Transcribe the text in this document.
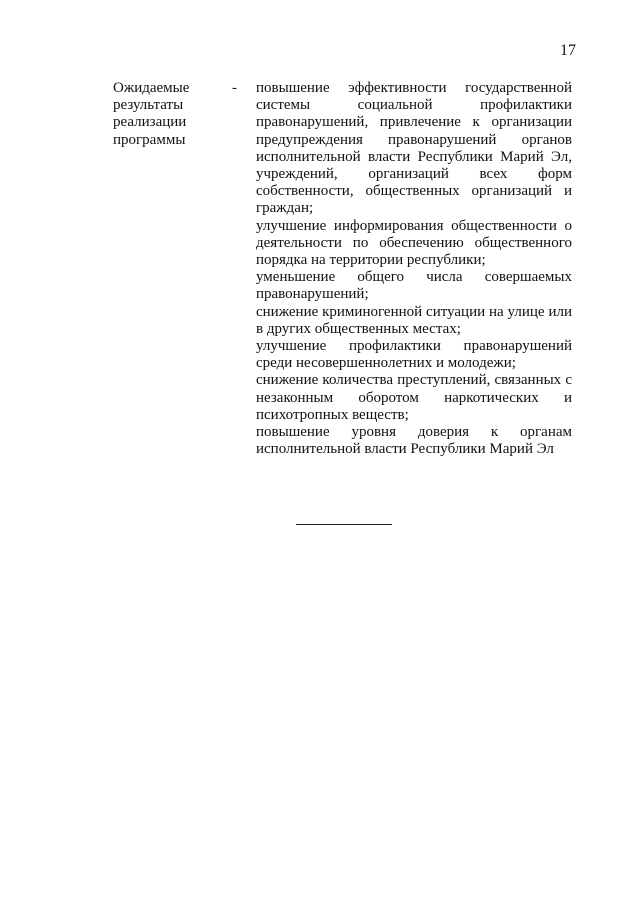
17
Ожидаемые
результаты
реализации
программы
- повышение эффективности государственной системы социальной профилактики правонарушений, привлечение к организации предупреждения правонарушений органов исполнительной власти Республики Марий Эл, учреждений, организаций всех форм собственности, общественных организаций и граждан;

улучшение информирования общественности о деятельности по обеспечению общественного порядка на территории республики;

уменьшение общего числа совершаемых правонарушений;

снижение криминогенной ситуации на улице или в других общественных местах;

улучшение профилактики правонарушений среди несовершеннолетних и молодежи;

снижение количества преступлений, связанных с незаконным оборотом наркотических и психотропных веществ;

повышение уровня доверия к органам исполнительной власти Республики Марий Эл
